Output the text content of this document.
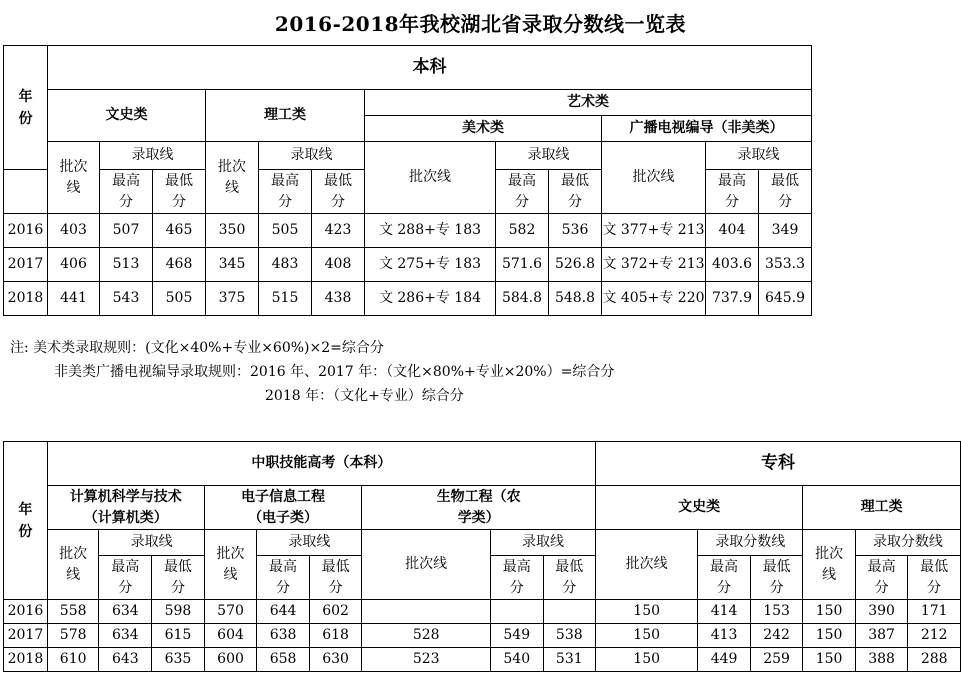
2016-2018年我校湖北省录取分数线一览表
年份	本科											
	文史类			理工类			艺术类					
							美术类			广播电视编导（非美类）		
	批次线	录取线		批次线	录取线		批次线	录取线		批次线	录取线	
		最高分	最低分		最高分	最低分		最高分	最低分		最高分	最低分
2016	403	507	465	350	505	423	文 288+专 183	582	536	文 377+专 213	404	349
2017	406	513	468	345	483	408	文 275+专 183	571.6	526.8	文 372+专 213	403.6	353.3
2018	441	543	505	375	515	438	文 286+专 184	584.8	548.8	文 405+专 220	737.9	645.9
注: 美术类录取规则：(文化×40%+专业×60%)×2=综合分
非美类广播电视编导录取规则：2016 年、2017 年：（文化×80%+专业×20%）=综合分
2018 年：（文化+专业）综合分
年份	中职技能高考（本科）									专科					
	计算机科学与技术（计算机类）			电子信息工程（电子类）			生物工程（农学类）			文史类			理工类		
	批次线	录取线		批次线	录取线		批次线	录取线		批次线	录取分数线		批次线	录取分数线	
		最高分	最低分		最高分	最低分		最高分	最低分		最高分	最低分		最高分	最低分
2016	558	634	598	570	644	602				150	414	153	150	390	171
2017	578	634	615	604	638	618	528	549	538	150	413	242	150	387	212
2018	610	643	635	600	658	630	523	540	531	150	449	259	150	388	288
